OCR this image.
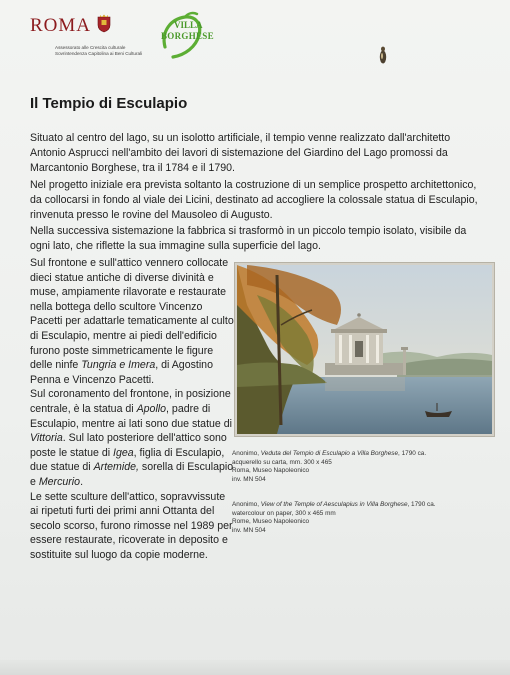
ROMA
Assessorato alle Crescita culturale
Sovrintendenza Capitolina ai Beni Culturali
VILLA
BORGHESE
Il Tempio di Esculapio

Situato al centro del lago, su un isolotto artificiale, il tempio venne realizzato dall'architetto Antonio Asprucci nell'ambito dei lavori di sistemazione del Giardino del Lago promossi da Marcantonio Borghese, tra il 1784 e il 1790.

Nel progetto iniziale era prevista soltanto la costruzione di un semplice prospetto architettonico, da collocarsi in fondo al viale dei Licini, destinato ad accogliere la colossale statua di Esculapio, rinvenuta presso le rovine del Mausoleo di Augusto.

Nella successiva sistemazione la fabbrica si trasformò in un piccolo tempio isolato, visibile da ogni lato, che riflette la sua immagine sulla superficie del lago.

Sul frontone e sull'attico vennero collocate dieci statue antiche di diverse divinità e muse, ampiamente rilavorate e restaurate nella bottega dello scultore Vincenzo Pacetti per adattarle tematicamente al culto di Esculapio, mentre ai piedi dell'edificio furono poste simmetricamente le figure delle ninfe Tungria e Imera, di Agostino Penna e Vincenzo Pacetti.
Sul coronamento del frontone, in posizione centrale, è la statua di Apollo, padre di Esculapio, mentre ai lati sono due statue di Vittoria. Sul lato posteriore dell'attico sono poste le statue di Igea, figlia di Esculapio, due statue di Artemide, sorella di Esculapio e Mercurio.
Le sette sculture dell'attico, sopravvissute ai ripetuti furti dei primi anni Ottanta del secolo scorso, furono rimosse nel 1989 per essere restaurate, ricoverate in deposito e sostituite sul luogo da copie moderne.

Anonimo, Veduta del Tempio di Esculapio a Villa Borghese, 1790 ca.
acquerello su carta, mm. 300 x 465
Roma, Museo Napoleonico
inv. MN 504

Anonimo, View of the Temple of Aesculapius in Villa Borghese, 1790 ca.
watercolour on paper, 300 x 465 mm
Rome, Museo Napoleonico
inv. MN 504
